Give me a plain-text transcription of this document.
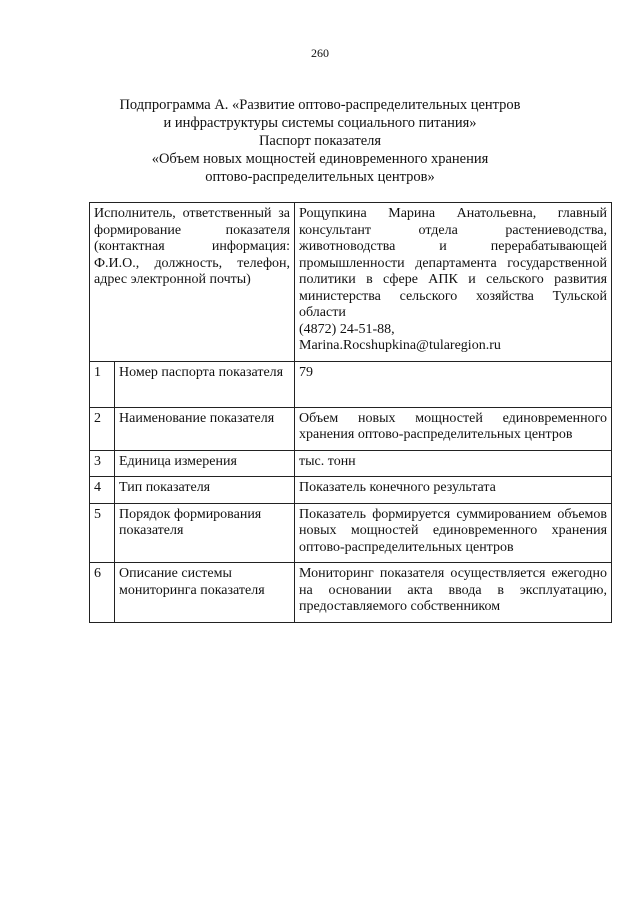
260
Подпрограмма А. «Развитие оптово-распределительных центров
и инфраструктуры системы социального питания»
Паспорт показателя
«Объем новых мощностей единовременного хранения
оптово-распределительных центров»
Исполнитель, ответственный за формирование показателя (контактная информация: Ф.И.О., должность, телефон, адрес электронной почты)		Рощупкина Марина Анатольевна, главный консультант отдела растениеводства, животноводства и перерабатывающей промышленности департамента государственной политики в сфере АПК и сельского развития министерства сельского хозяйства Тульской области
(4872) 24-51-88,
Marina.Rocshupkina@tularegion.ru

1	Номер паспорта показателя	79
2	Наименование показателя	Объем новых мощностей единовременного хранения оптово-распределительных центров
3	Единица измерения	тыс. тонн
4	Тип показателя	Показатель конечного результата
5	Порядок формирования показателя	Показатель формируется суммированием объемов новых мощностей единовременного хранения оптово-распределительных центров
6	Описание системы мониторинга показателя	Мониторинг показателя осуществляется ежегодно на основании акта ввода в эксплуатацию, предоставляемого собственником
